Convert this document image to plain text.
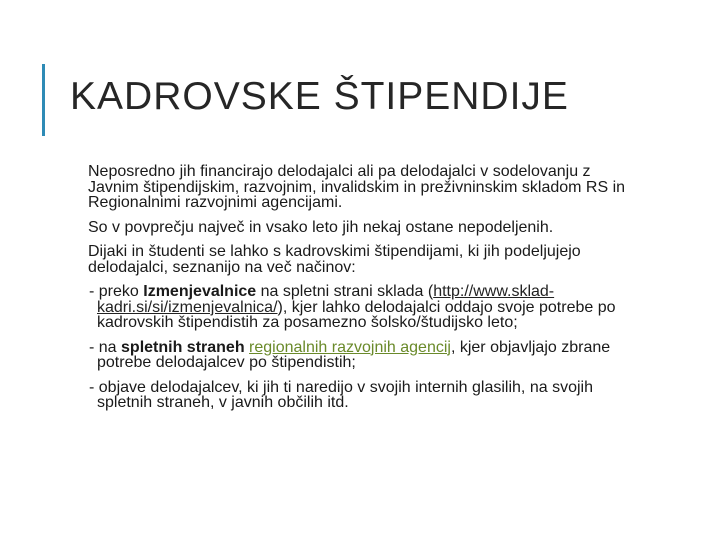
KADROVSKE ŠTIPENDIJE

Neposredno jih financirajo delodajalci ali pa delodajalci v sodelovanju z Javnim štipendijskim, razvojnim, invalidskim in preživninskim skladom RS in Regionalnimi razvojnimi agencijami.

So v povprečju največ in vsako leto jih nekaj ostane nepodeljenih.

Dijaki in študenti se lahko s kadrovskimi štipendijami, ki jih podeljujejo delodajalci, seznanijo na več načinov:

- preko Izmenjevalnice na spletni strani sklada (http://www.sklad-kadri.si/si/izmenjevalnica/), kjer lahko delodajalci oddajo svoje potrebe po kadrovskih štipendistih za posamezno šolsko/študijsko leto;

- na spletnih straneh regionalnih razvojnih agencij, kjer objavljajo zbrane potrebe delodajalcev po štipendistih;

- objave delodajalcev, ki jih ti naredijo v svojih internih glasilih, na svojih spletnih straneh, v javnih občilih itd.
